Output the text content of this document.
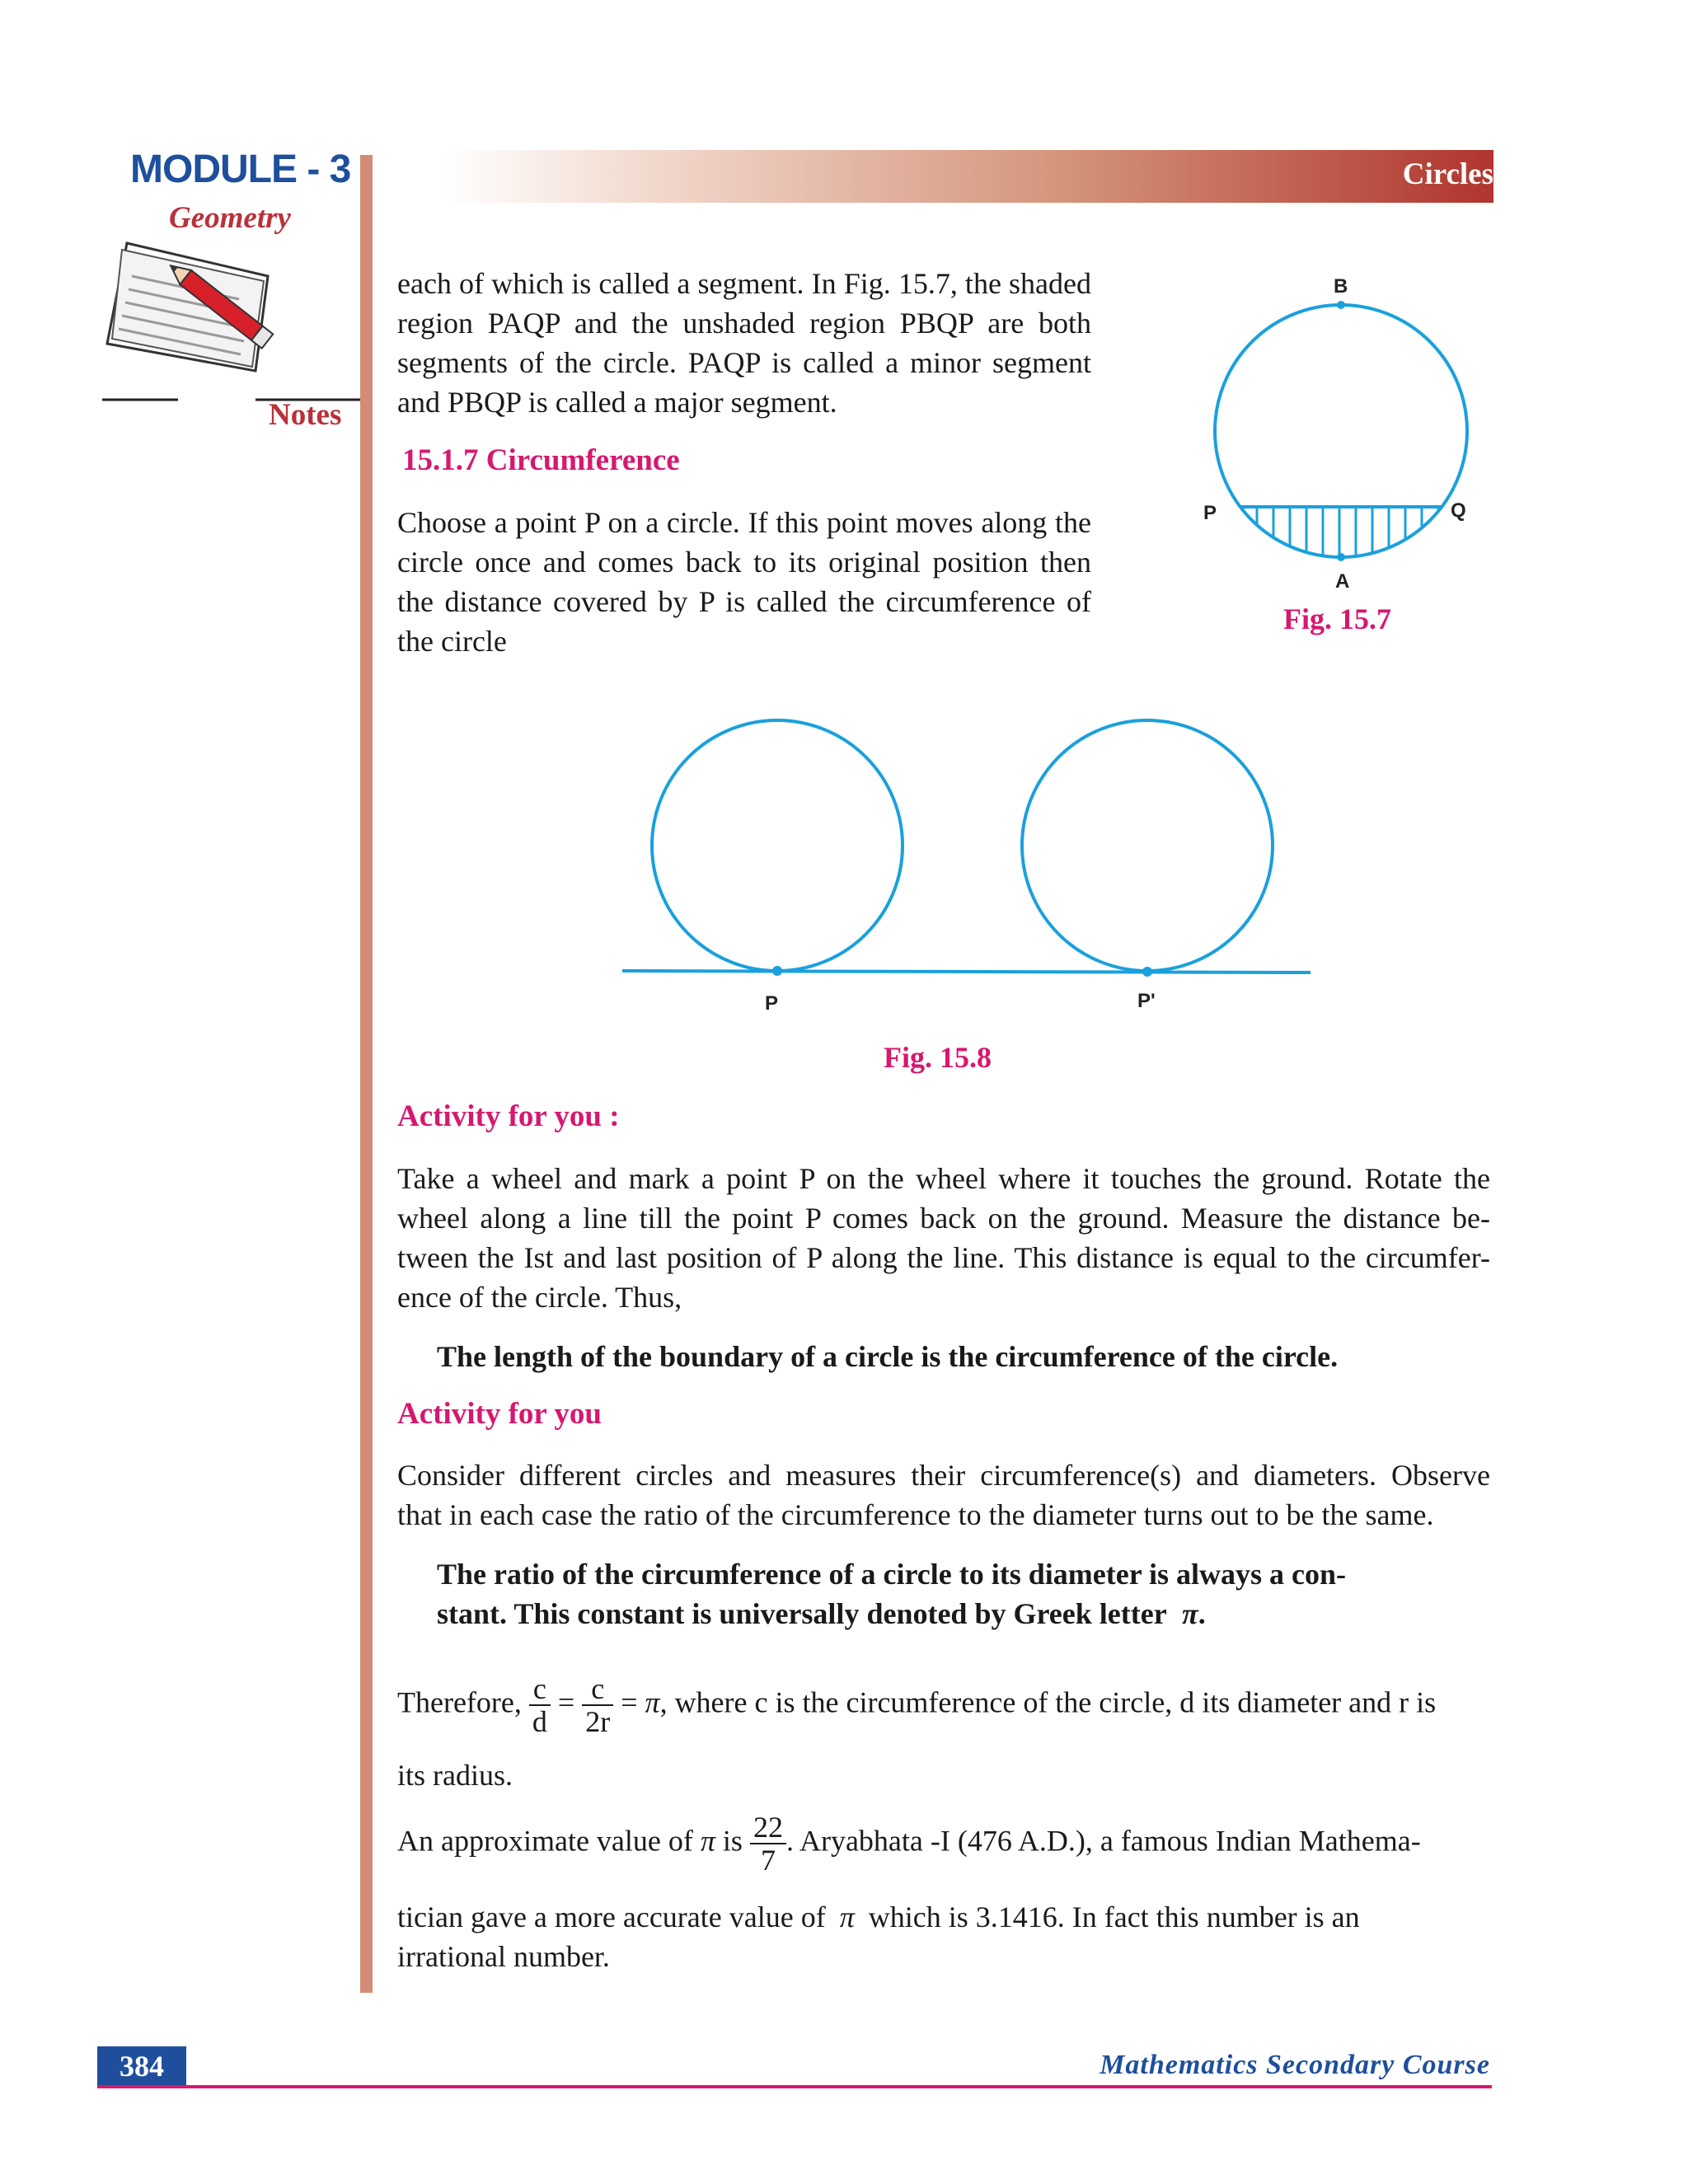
MODULE - 3
Geometry
Notes
Circles
each of which is called a segment. In Fig. 15.7, the shaded
region PAQP and the unshaded region PBQP are both
segments of the circle. PAQP is called a minor segment
and PBQP is called a major segment.
15.1.7 Circumference
Choose a point P on a circle. If this point moves along the
circle once and comes back to its original position then
the distance covered by P is called the circumference of
the circle
B
P	Q
A
Fig. 15.7
P	P'
Fig. 15.8
Activity for you :
Take a wheel and mark a point P on the wheel where it touches the ground. Rotate the
wheel along a line till the point P comes back on the ground. Measure the distance be-
tween the Ist and last position of P along the line. This distance is equal to the circumfer-
ence of the circle. Thus,
The length of the boundary of a circle is the circumference of the circle.
Activity for you
Consider different circles and measures their circumference(s) and diameters. Observe
that in each case the ratio of the circumference to the diameter turns out to be the same.
The ratio of the circumference of a circle to its diameter is always a con-
stant. This constant is universally denoted by Greek letter π.
Therefore, $\frac{c}{d} = \frac{c}{2r} = \pi$, where c is the circumference of the circle, d its diameter and r is
its radius.
An approximate value of π is $\frac{22}{7}$ . Aryabhata -I (476 A.D.), a famous Indian Mathema-
tician gave a more accurate value of π which is 3.1416. In fact this number is an
irrational number.
384	Mathematics Secondary Course
